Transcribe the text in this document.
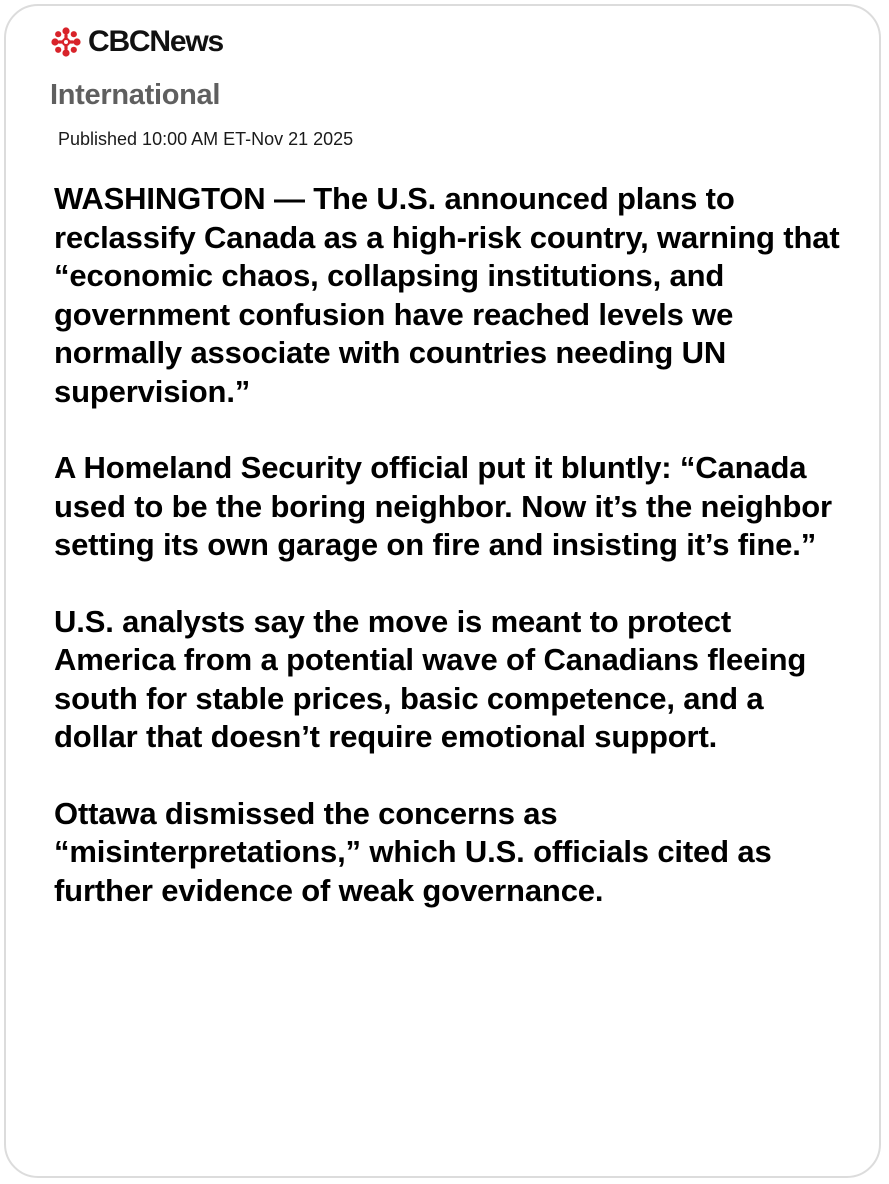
CBCNews
International
Published 10:00 AM ET-Nov 21 2025

WASHINGTON — The U.S. announced plans to reclassify Canada as a high-risk country, warning that “economic chaos, collapsing institutions, and government confusion have reached levels we normally associate with countries needing UN supervision.”

A Homeland Security official put it bluntly: “Canada used to be the boring neighbor. Now it’s the neighbor setting its own garage on fire and insisting it’s fine.”

U.S. analysts say the move is meant to protect America from a potential wave of Canadians fleeing south for stable prices, basic competence, and a dollar that doesn’t require emotional support.

Ottawa dismissed the concerns as “misinterpretations,” which U.S. officials cited as further evidence of weak governance.
